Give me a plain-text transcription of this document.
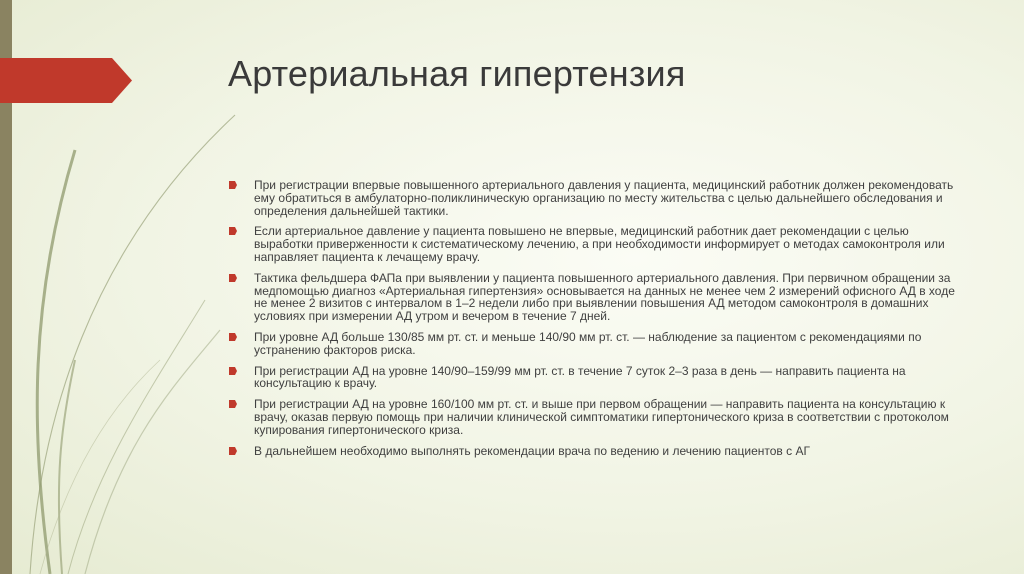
Артериальная гипертензия
При регистрации впервые повышенного артериального давления у пациента, медицинский работник должен рекомендовать ему обратиться в амбулаторно-поликлиническую организацию по месту жительства с целью дальнейшего обследования и определения дальнейшей тактики.
Если артериальное давление у пациента повышено не впервые, медицинский работник дает рекомендации с целью выработки приверженности к систематическому лечению, а при необходимости информирует о методах самоконтроля или направляет пациента к лечащему врачу.
Тактика фельдшера ФАПа при выявлении у пациента повышенного артериального давления. При первичном обращении за медпомощью диагноз «Артериальная гипертензия» основывается на данных не менее чем 2 измерений офисного АД в ходе не менее 2 визитов с интервалом в 1–2 недели либо при выявлении повышения АД методом самоконтроля в домашних условиях при измерении АД утром и вечером в течение 7 дней.
При уровне АД больше 130/85 мм рт. ст. и меньше 140/90 мм рт. ст. — наблюдение за пациентом с рекомендациями по устранению факторов риска.
При регистрации АД на уровне 140/90–159/99 мм рт. ст. в течение 7 суток 2–3 раза в день — направить пациента на консультацию к врачу.
При регистрации АД на уровне 160/100 мм рт. ст. и выше при первом обращении — направить пациента на консультацию к врачу, оказав первую помощь при наличии клинической симптоматики гипертонического криза в соответствии с протоколом купирования гипертонического криза.
В дальнейшем необходимо выполнять рекомендации врача по ведению и лечению пациентов с АГ
